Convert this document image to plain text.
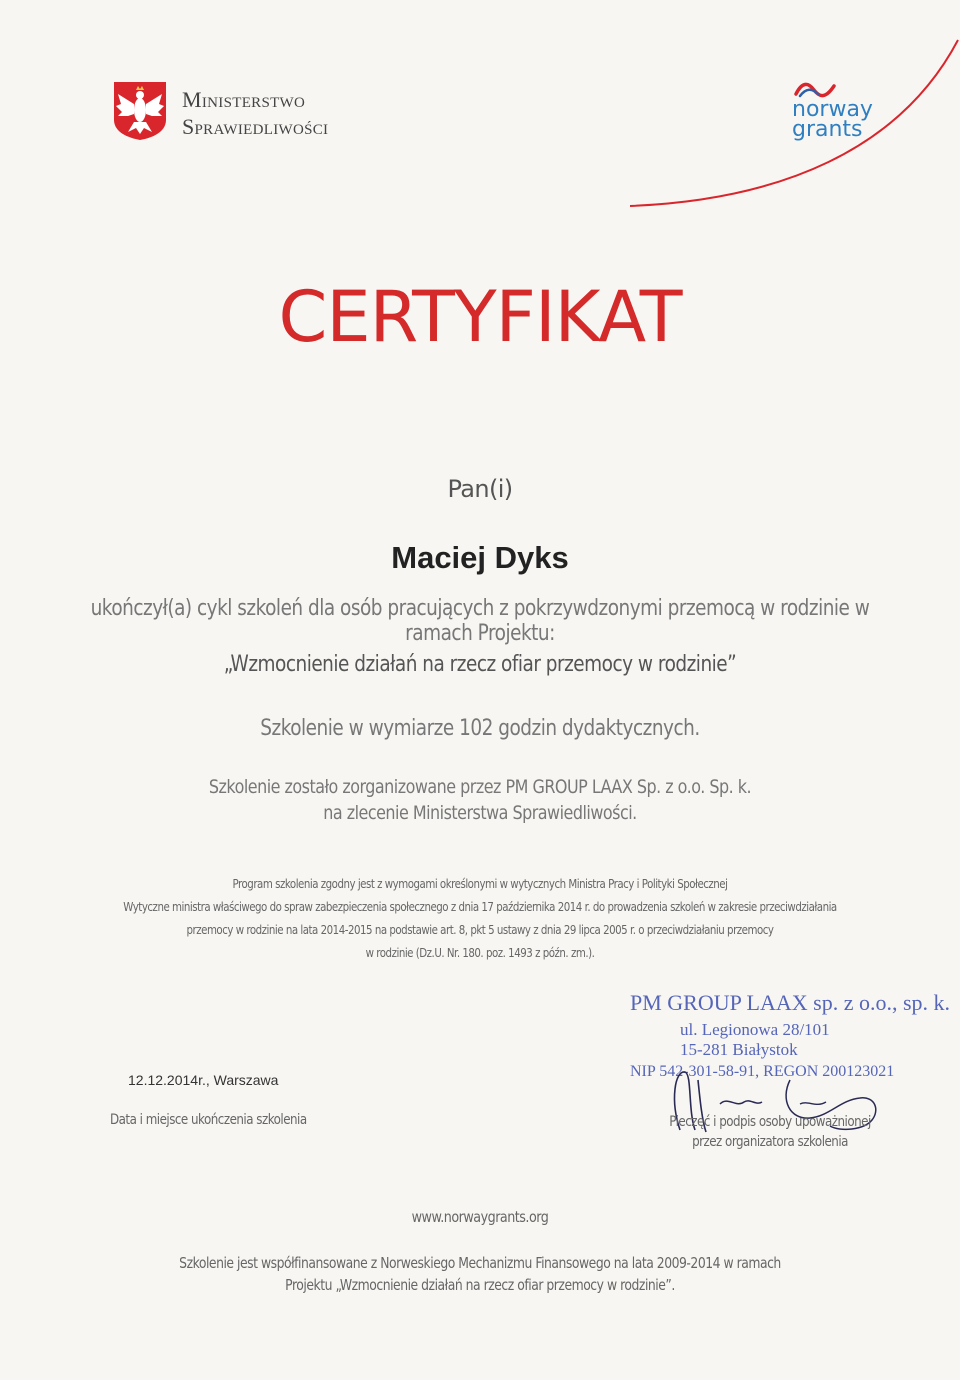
Ministerstwo
Sprawiedliwości
norway
grants
CERTYFIKAT
Pan(i)
Maciej Dyks
ukończył(a) cykl szkoleń dla osób pracujących z pokrzywdzonymi przemocą w rodzinie w ramach Projektu:
„Wzmocnienie działań na rzecz ofiar przemocy w rodzinie”
Szkolenie w wymiarze 102 godzin dydaktycznych.
Szkolenie zostało zorganizowane przez PM GROUP LAAX Sp. z o.o. Sp. k.
na zlecenie Ministerstwa Sprawiedliwości.
Program szkolenia zgodny jest z wymogami określonymi w wytycznych Ministra Pracy i Polityki Społecznej
Wytyczne ministra właściwego do spraw zabezpieczenia społecznego z dnia 17 października 2014 r. do prowadzenia szkoleń w zakresie przeciwdziałania
przemocy w rodzinie na lata 2014-2015 na podstawie art. 8, pkt 5 ustawy z dnia 29 lipca 2005 r. o przeciwdziałaniu przemocy
w rodzinie (Dz.U. Nr. 180. poz. 1493 z późn. zm.).
12.12.2014r., Warszawa
Data i miejsce ukończenia szkolenia
PM GROUP LAAX sp. z o.o., sp. k.
ul. Legionowa 28/101
15-281 Białystok
NIP 542-301-58-91, REGON 200123021
Pieczęć i podpis osoby upoważnionej
przez organizatora szkolenia
www.norwaygrants.org
Szkolenie jest współfinansowane z Norweskiego Mechanizmu Finansowego na lata 2009-2014 w ramach
Projektu „Wzmocnienie działań na rzecz ofiar przemocy w rodzinie”.
